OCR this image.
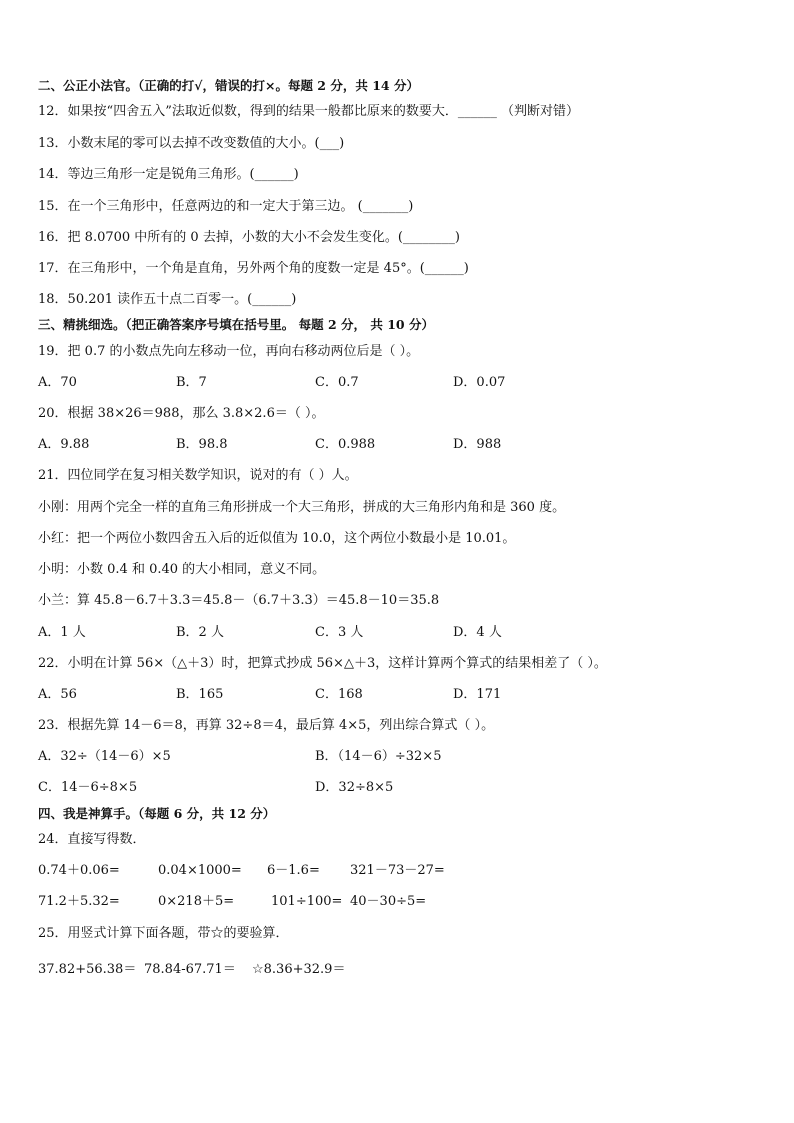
二、公正小法官。（正确的打√，错误的打×。每题 2 分，共 14 分）
12．如果按“四舍五入”法取近似数，得到的结果一般都比原来的数要大．______ （判断对错）
13．小数末尾的零可以去掉不改变数值的大小。(___)
14．等边三角形一定是锐角三角形。(______)
15．在一个三角形中，任意两边的和一定大于第三边。 (_______)
16．把 8.0700 中所有的 0 去掉，小数的大小不会发生变化。(________)
17．在三角形中，一个角是直角，另外两个角的度数一定是 45°。(______)
18．50.201 读作五十点二百零一。(______)
三、精挑细选。（把正确答案序号填在括号里。 每题 2 分， 共 10 分）
19．把 0.7 的小数点先向左移动一位，再向右移动两位后是（ ）。
A．70	B．7	C．0.7	D．0.07
20．根据 38×26＝988，那么 3.8×2.6＝（ ）。
A．9.88	B．98.8	C．0.988	D．988
21．四位同学在复习相关数学知识，说对的有（ ）人。
小刚：用两个完全一样的直角三角形拼成一个大三角形，拼成的大三角形内角和是 360 度。
小红：把一个两位小数四舍五入后的近似值为 10.0，这个两位小数最小是 10.01。
小明：小数 0.4 和 0.40 的大小相同，意义不同。
小兰：算 45.8－6.7＋3.3＝45.8－（6.7＋3.3）＝45.8－10＝35.8
A．1 人	B．2 人	C．3 人	D．4 人
22．小明在计算 56×（△＋3）时，把算式抄成 56×△＋3，这样计算两个算式的结果相差了（ ）。
A．56	B．165	C．168	D．171
23．根据先算 14－6＝8，再算 32÷8＝4，最后算 4×5，列出综合算式（ ）。
A．32÷（14－6）×5	B．（14－6）÷32×5
C．14－6÷8×5	D．32÷8×5
四、我是神算手。（每题 6 分，共 12 分）
24．直接写得数．
0.74＋0.06=	0.04×1000= 6－1.6= 321－73－27=
71.2＋5.32=	0×218＋5=	101÷100= 40－30÷5=
25．用竖式计算下面各题，带☆的要验算．
37.82+56.38＝ 78.84-67.71＝ ☆8.36+32.9＝
